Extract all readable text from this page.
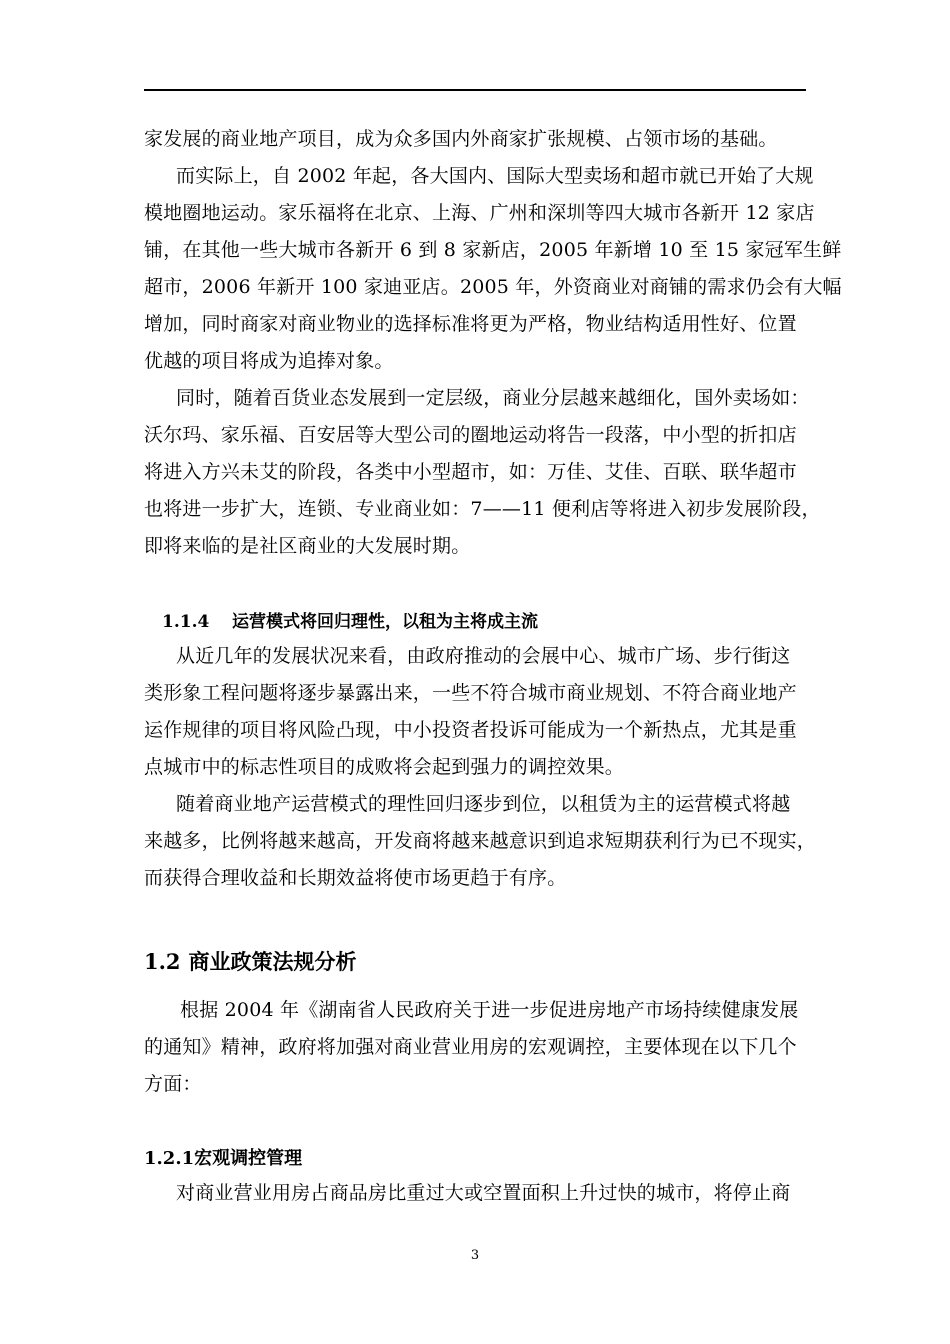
家发展的商业地产项目，成为众多国内外商家扩张规模、占领市场的基础。
而实际上，自 2002 年起，各大国内、国际大型卖场和超市就已开始了大规
模地圈地运动。家乐福将在北京、上海、广州和深圳等四大城市各新开 12 家店
铺，在其他一些大城市各新开 6 到 8 家新店，2005 年新增 10 至 15 家冠军生鲜
超市，2006 年新开 100 家迪亚店。2005 年，外资商业对商铺的需求仍会有大幅
增加，同时商家对商业物业的选择标准将更为严格，物业结构适用性好、位置
优越的项目将成为追捧对象。
同时，随着百货业态发展到一定层级，商业分层越来越细化，国外卖场如：
沃尔玛、家乐福、百安居等大型公司的圈地运动将告一段落，中小型的折扣店
将进入方兴未艾的阶段，各类中小型超市，如：万佳、艾佳、百联、联华超市
也将进一步扩大，连锁、专业商业如：7——11 便利店等将进入初步发展阶段，
即将来临的是社区商业的大发展时期。
1.1.4 运营模式将回归理性，以租为主将成主流
从近几年的发展状况来看，由政府推动的会展中心、城市广场、步行街这
类形象工程问题将逐步暴露出来，一些不符合城市商业规划、不符合商业地产
运作规律的项目将风险凸现，中小投资者投诉可能成为一个新热点，尤其是重
点城市中的标志性项目的成败将会起到强力的调控效果。
随着商业地产运营模式的理性回归逐步到位，以租赁为主的运营模式将越
来越多，比例将越来越高，开发商将越来越意识到追求短期获利行为已不现实，
而获得合理收益和长期效益将使市场更趋于有序。
1.2 商业政策法规分析
根据 2004 年《湖南省人民政府关于进一步促进房地产市场持续健康发展
的通知》精神，政府将加强对商业营业用房的宏观调控，主要体现在以下几个
方面：
1.2.1宏观调控管理
对商业营业用房占商品房比重过大或空置面积上升过快的城市，将停止商
3
